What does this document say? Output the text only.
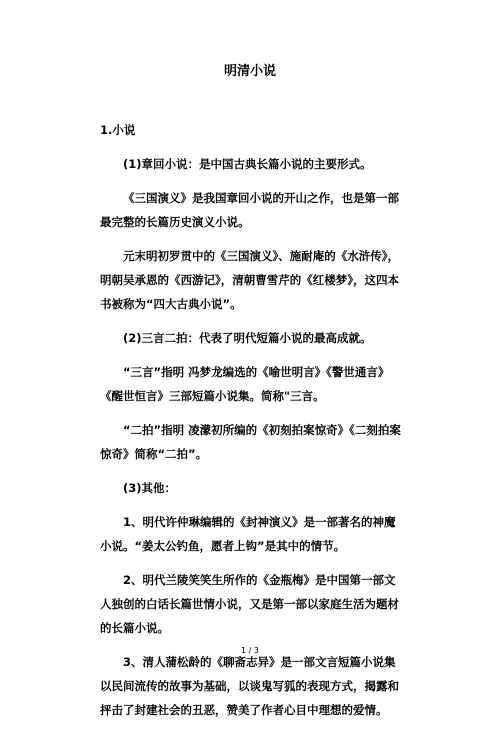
明清小说

1.小说

(1)章回小说：是中国古典长篇小说的主要形式。

《三国演义》是我国章回小说的开山之作，也是第一部最完整的长篇历史演义小说。

元末明初罗贯中的《三国演义》、施耐庵的《水浒传》， 明朝吴承恩的《西游记》，清朝曹雪芹的《红楼梦》，这四本书被称为“四大古典小说”。

(2)三言二拍：代表了明代短篇小说的最高成就。

“三言”指明 冯梦龙编选的《喻世明言》《警世通言》《醒世恒言》三部短篇小说集。简称"三言。

“二拍”指明 凌濛初所编的《初刻拍案惊奇》《二刻拍案惊奇》简称“二拍”。

(3)其他：

1、明代许仲琳编辑的《封神演义》是一部著名的神魔小说。“姜太公钓鱼，愿者上钩”是其中的情节。

2、明代兰陵笑笑生所作的《金瓶梅》是中国第一部文人独创的白话长篇世情小说，又是第一部以家庭生活为题材的长篇小说。

3、清人蒲松龄的《聊斋志异》是一部文言短篇小说集以民间流传的故事为基础，以谈鬼写狐的表现方式，揭露和抨击了封建社会的丑恶，赞美了作者心目中理想的爱情。

1 / 3
